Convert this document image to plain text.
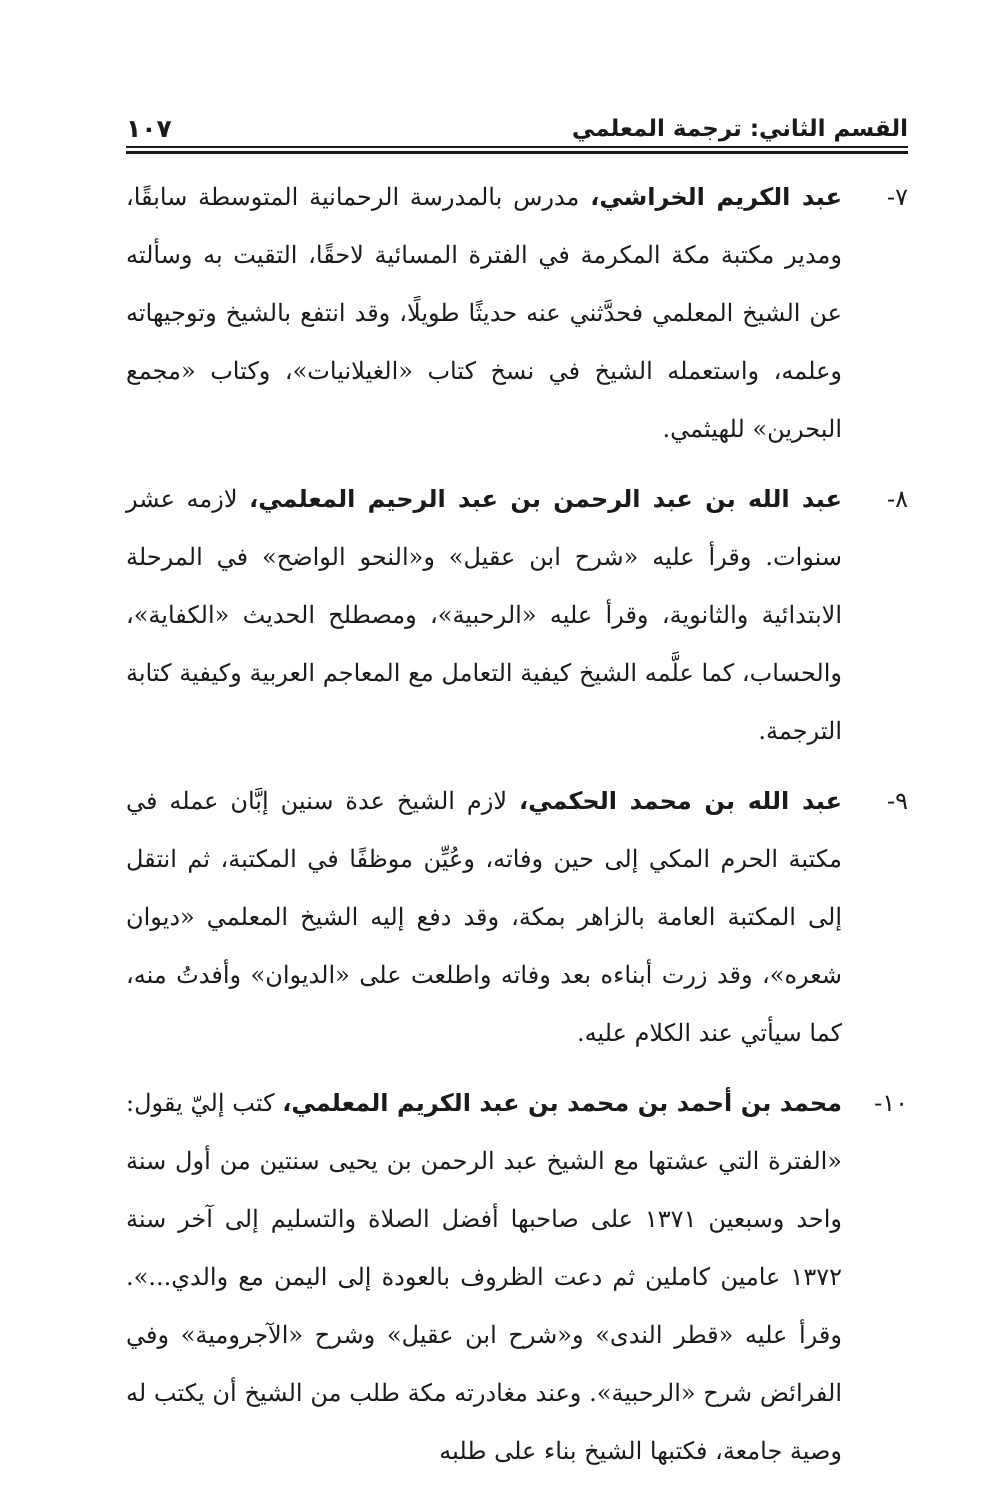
القسم الثاني: ترجمة المعلمي
١٠٧
٧-
عبد الكريم الخراشي، مدرس بالمدرسة الرحمانية المتوسطة سابقًا، ومدير مكتبة مكة المكرمة في الفترة المسائية لاحقًا، التقيت به وسألته عن الشيخ المعلمي فحدَّثني عنه حديثًا طويلًا، وقد انتفع بالشيخ وتوجيهاته وعلمه، واستعمله الشيخ في نسخ كتاب «الغيلانيات»، وكتاب «مجمع البحرين» للهيثمي.
٨-
عبد الله بن عبد الرحمن بن عبد الرحيم المعلمي، لازمه عشر سنوات. وقرأ عليه «شرح ابن عقيل» و«النحو الواضح» في المرحلة الابتدائية والثانوية، وقرأ عليه «الرحبية»، ومصطلح الحديث «الكفاية»، والحساب، كما علَّمه الشيخ كيفية التعامل مع المعاجم العربية وكيفية كتابة الترجمة.
٩-
عبد الله بن محمد الحكمي، لازم الشيخ عدة سنين إبَّان عمله في مكتبة الحرم المكي إلى حين وفاته، وعُيِّن موظفًا في المكتبة، ثم انتقل إلى المكتبة العامة بالزاهر بمكة، وقد دفع إليه الشيخ المعلمي «ديوان شعره»، وقد زرت أبناءه بعد وفاته واطلعت على «الديوان» وأفدتُ منه، كما سيأتي عند الكلام عليه.
١٠-
محمد بن أحمد بن محمد بن عبد الكريم المعلمي، كتب إليّ يقول: «الفترة التي عشتها مع الشيخ عبد الرحمن بن يحيى سنتين من أول سنة واحد وسبعين ١٣٧١ على صاحبها أفضل الصلاة والتسليم إلى آخر سنة ١٣٧٢ عامين كاملين ثم دعت الظروف بالعودة إلى اليمن مع والدي...». وقرأ عليه «قطر الندى» و«شرح ابن عقيل» وشرح «الآجرومية» وفي الفرائض شرح «الرحبية». وعند مغادرته مكة طلب من الشيخ أن يكتب له وصية جامعة، فكتبها الشيخ بناء على طلبه
